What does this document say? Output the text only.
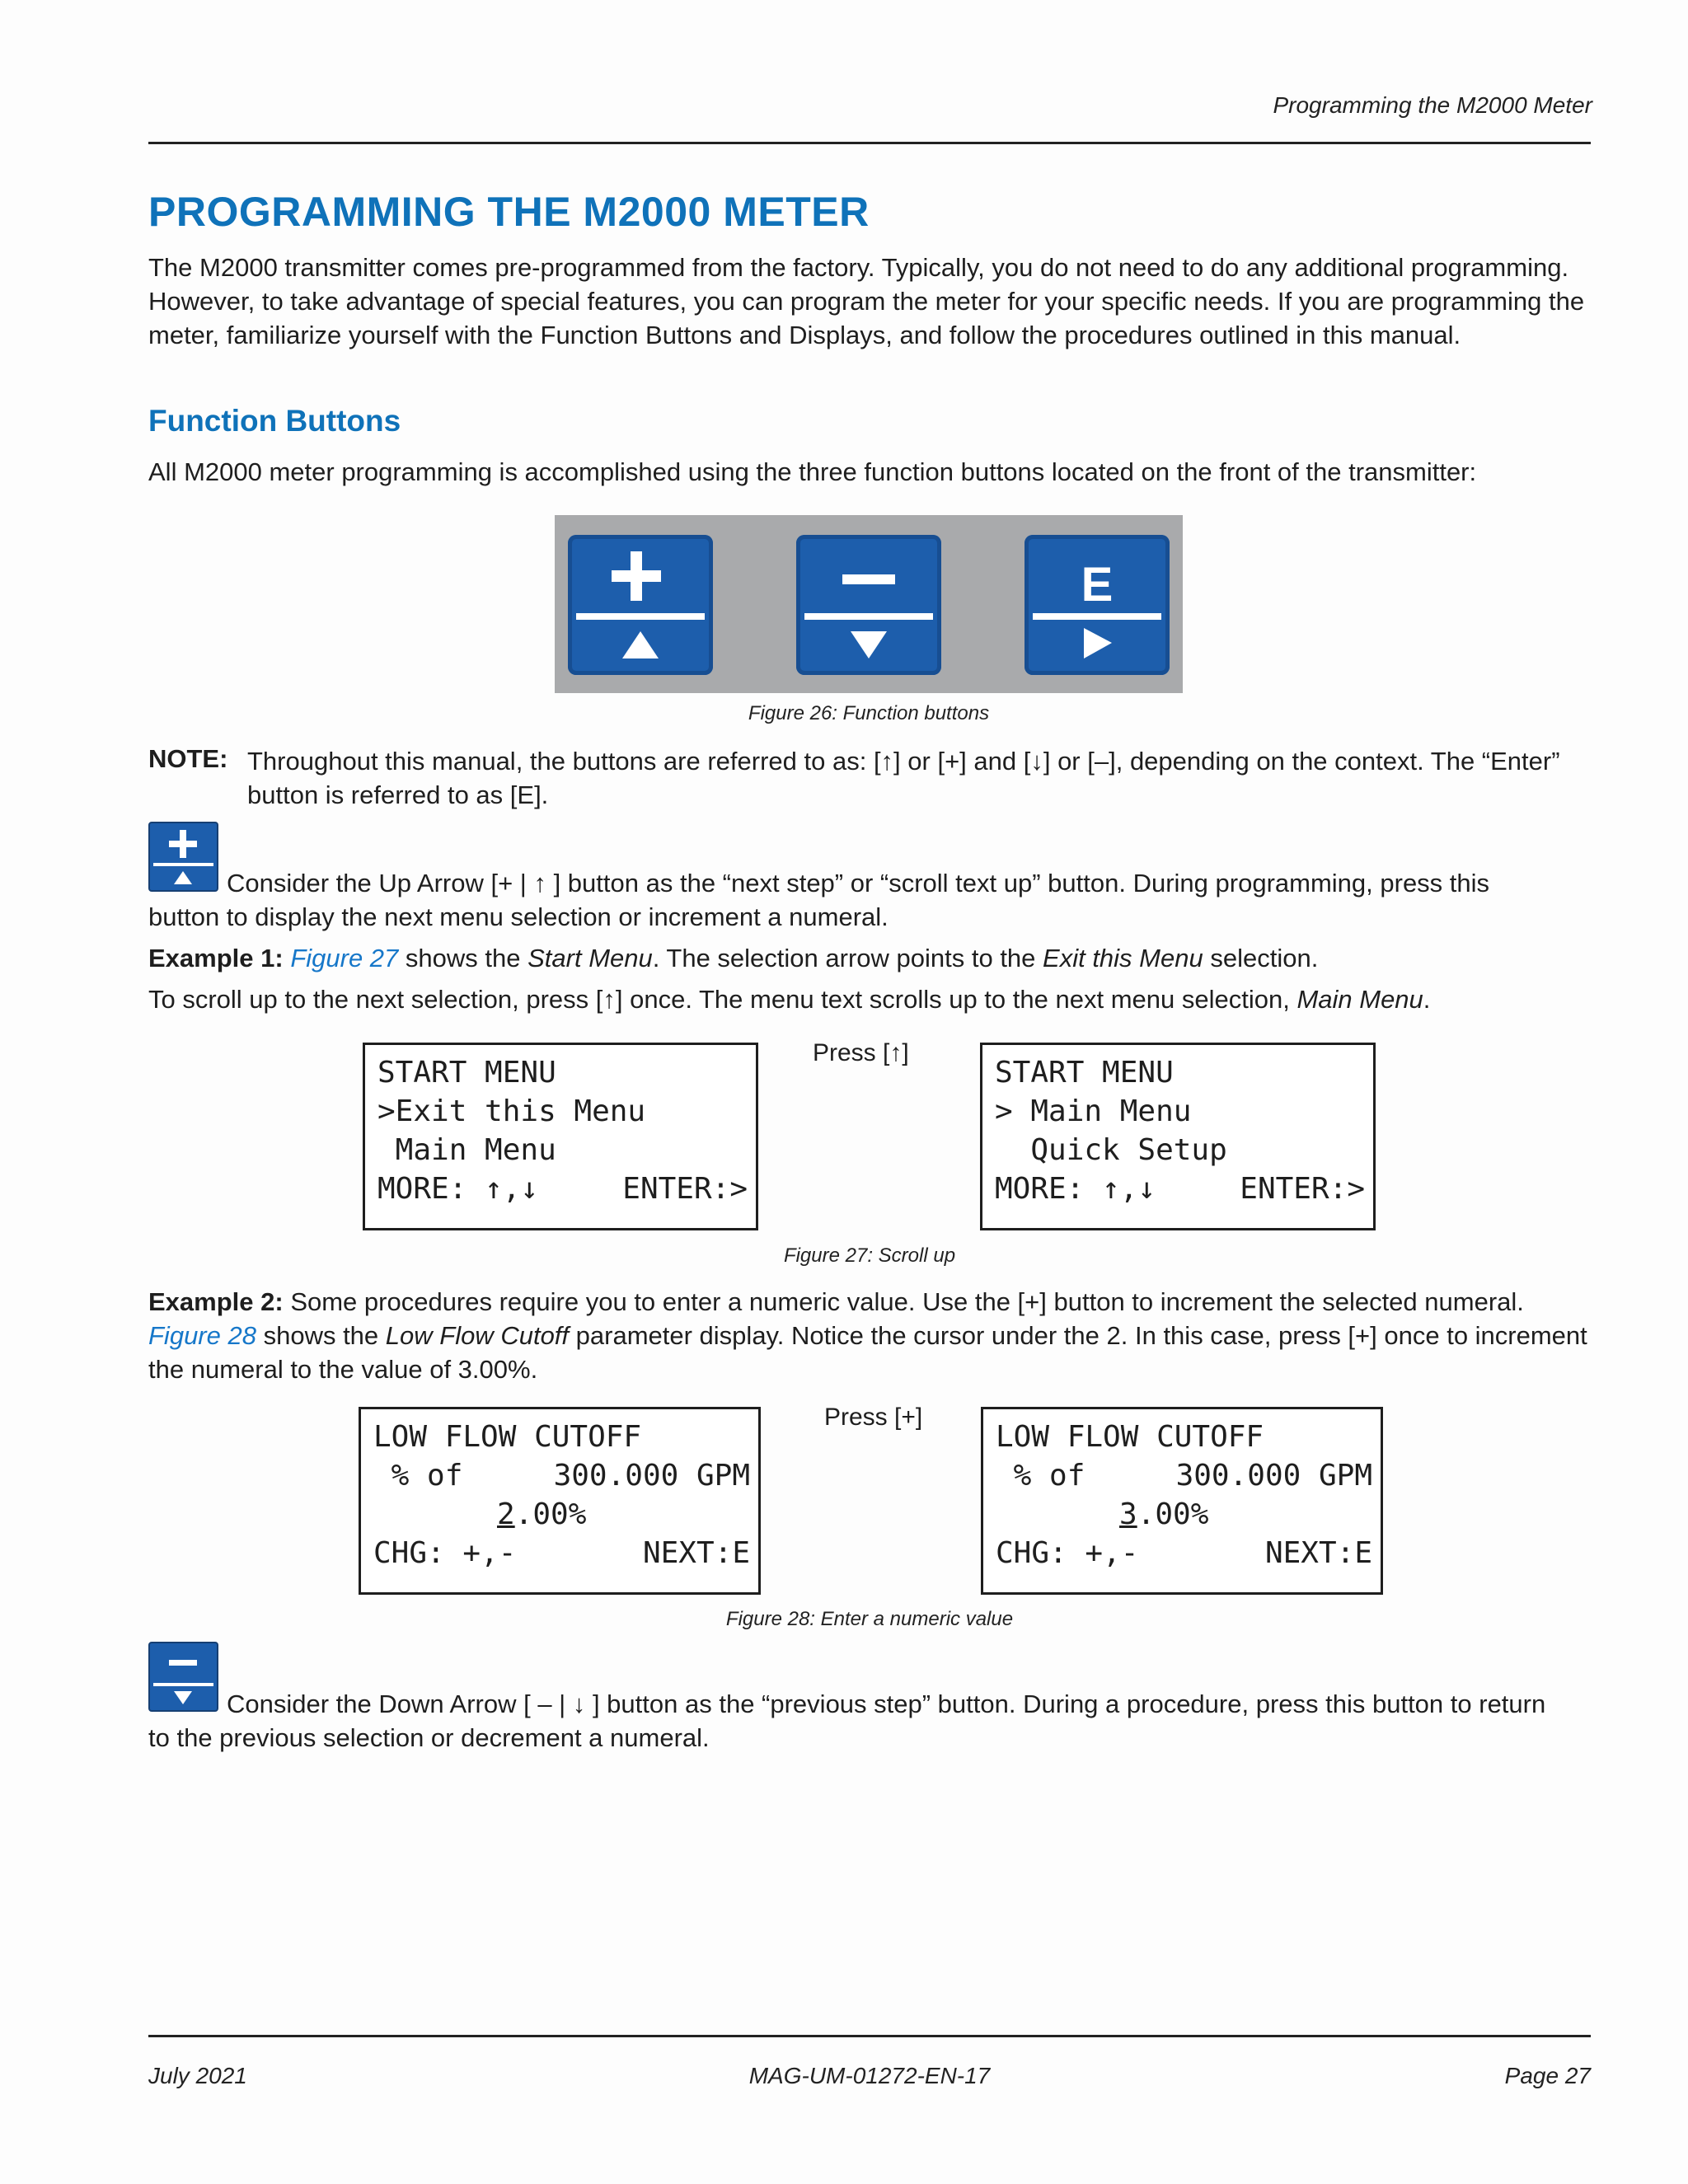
Programming the M2000 Meter
PROGRAMMING THE M2000 METER

The M2000 transmitter comes pre-programmed from the factory. Typically, you do not need to do any additional programming. However, to take advantage of special features, you can program the meter for your specific needs. If you are programming the meter, familiarize yourself with the Function Buttons and Displays, and follow the procedures outlined in this manual.

Function Buttons

All M2000 meter programming is accomplished using the three function buttons located on the front of the transmitter:

E
Figure 26: Function buttons
NOTE: Throughout this manual, the buttons are referred to as: [↑] or [+] and [↓] or [–], depending on the context. The “Enter”
button is referred to as [E].
Consider the Up Arrow [+ | ↑ ] button as the “next step” or “scroll text up” button. During programming, press this
button to display the next menu selection or increment a numeral.
Example 1: Figure 27 shows the Start Menu. The selection arrow points to the Exit this Menu selection.
To scroll up to the next selection, press [↑] once. The menu text scrolls up to the next menu selection, Main Menu.
START MENU
>Exit this Menu
Main Menu
MORE: ↑,↓	ENTER:>
Press [↑]
START MENU
> Main Menu
Quick Setup
MORE: ↑,↓	ENTER:>
Figure 27: Scroll up
Example 2: Some procedures require you to enter a numeric value. Use the [+] button to increment the selected numeral.
Figure 28 shows the Low Flow Cutoff parameter display. Notice the cursor under the 2. In this case, press [+] once to increment
the numeral to the value of 3.00%.
LOW FLOW CUTOFF
% of	300.000 GPM
2.00%
CHG: +,-	NEXT:E
Press [+]
LOW FLOW CUTOFF
% of	300.000 GPM
3.00%
CHG: +,-	NEXT:E
Figure 28: Enter a numeric value
Consider the Down Arrow [ – | ↓ ] button as the “previous step” button. During a procedure, press this button to return
to the previous selection or decrement a numeral.
July 2021	MAG-UM-01272-EN-17	Page 27
